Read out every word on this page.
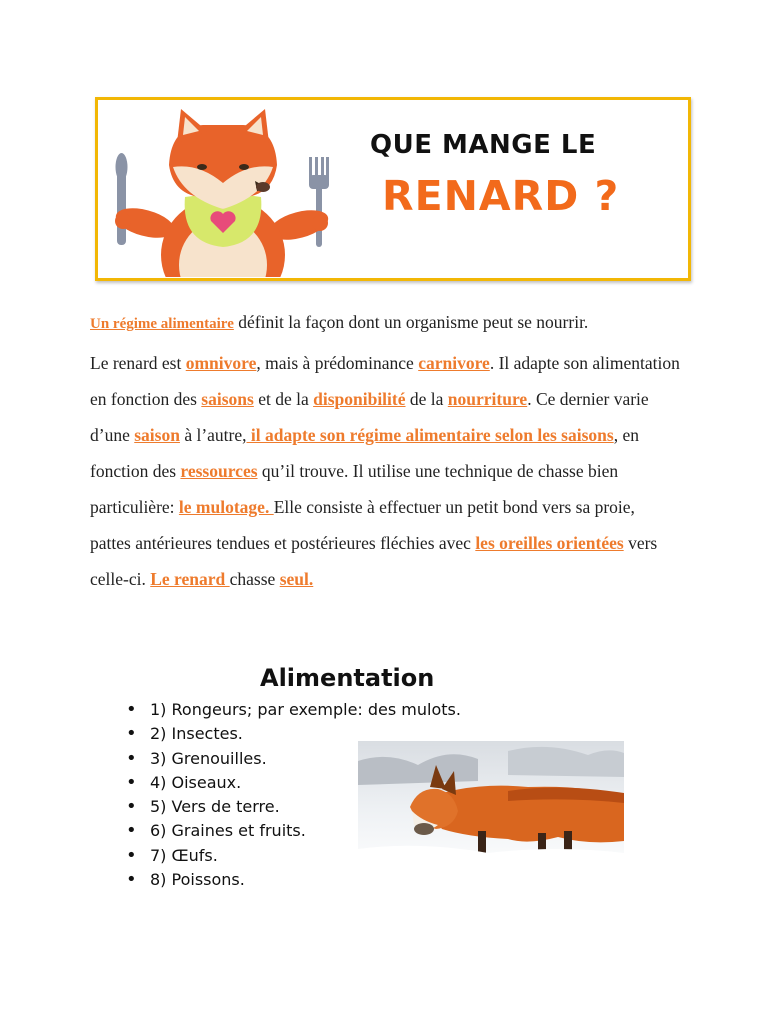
QUE MANGE LE
RENARD ?

Un régime alimentaire définit la façon dont un organisme peut se nourrir.

Le renard est omnivore, mais à prédominance carnivore. Il adapte son alimentation en fonction des saisons et de la disponibilité de la nourriture. Ce dernier varie d’une saison à l’autre, il adapte son régime alimentaire selon les saisons, en fonction des ressources qu’il trouve. Il utilise une technique de chasse bien particulière: le mulotage. Elle consiste à effectuer un petit bond vers sa proie, pattes antérieures tendues et postérieures fléchies avec les oreilles orientées vers celle-ci. Le renard chasse seul.

Alimentation
• 1) Rongeurs; par exemple: des mulots.
• 2) Insectes.
• 3) Grenouilles.
• 4) Oiseaux.
• 5) Vers de terre.
• 6) Graines et fruits.
• 7) Œufs.
• 8) Poissons.
